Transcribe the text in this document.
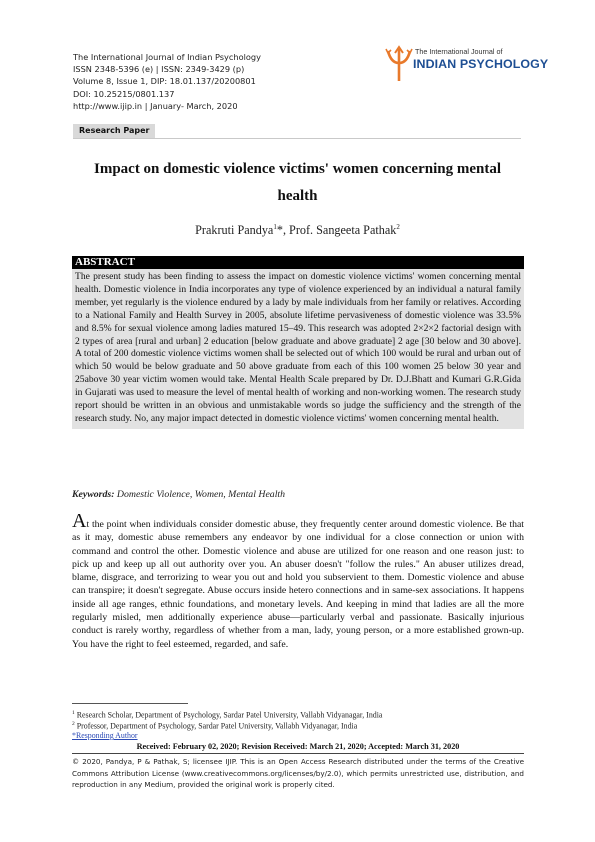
The International Journal of Indian Psychology
ISSN 2348-5396 (e) | ISSN: 2349-3429 (p)
Volume 8, Issue 1, DIP: 18.01.137/20200801
DOI: 10.25215/0801.137
http://www.ijip.in | January- March, 2020
The International Journal of
INDIAN PSYCHOLOGY
Research Paper
Impact on domestic violence victims' women concerning mental health
Prakruti Pandya$^1$*, Prof. Sangeeta Pathak$^2$
ABSTRACT
The present study has been finding to assess the impact on domestic violence victims' women concerning mental health. Domestic violence in India incorporates any type of violence experienced by an individual a natural family member, yet regularly is the violence endured by a lady by male individuals from her family or relatives. According to a National Family and Health Survey in 2005, absolute lifetime pervasiveness of domestic violence was 33.5% and 8.5% for sexual violence among ladies matured 15–49. This research was adopted 2×2×2 factorial design with 2 types of area [rural and urban] 2 education [below graduate and above graduate] 2 age [30 below and 30 above]. A total of 200 domestic violence victims women shall be selected out of which 100 would be rural and urban out of which 50 would be below graduate and 50 above graduate from each of this 100 women 25 below 30 year and 25above 30 year victim women would take. Mental Health Scale prepared by Dr. D.J.Bhatt and Kumari G.R.Gida in Gujarati was used to measure the level of mental health of working and non-working women. The research study report should be written in an obvious and unmistakable words so judge the sufficiency and the strength of the research study. No, any major impact detected in domestic violence victims' women concerning mental health.
Keywords: Domestic Violence, Women, Mental Health
At the point when individuals consider domestic abuse, they frequently center around domestic violence. Be that as it may, domestic abuse remembers any endeavor by one individual for a close connection or union with command and control the other. Domestic violence and abuse are utilized for one reason and one reason just: to pick up and keep up all out authority over you. An abuser doesn't "follow the rules." An abuser utilizes dread, blame, disgrace, and terrorizing to wear you out and hold you subservient to them. Domestic violence and abuse can transpire; it doesn't segregate. Abuse occurs inside hetero connections and in same-sex associations. It happens inside all age ranges, ethnic foundations, and monetary levels. And keeping in mind that ladies are all the more regularly misled, men additionally experience abuse—particularly verbal and passionate. Basically injurious conduct is rarely worthy, regardless of whether from a man, lady, young person, or a more established grown-up. You have the right to feel esteemed, regarded, and safe.
$^1$ Research Scholar, Department of Psychology, Sardar Patel University, Vallabh Vidyanagar, India
$^2$ Professor, Department of Psychology, Sardar Patel University, Vallabh Vidyanagar, India
*Responding Author
Received: February 02, 2020; Revision Received: March 21, 2020; Accepted: March 31, 2020
© 2020, Pandya, P & Pathak, S; licensee IJIP. This is an Open Access Research distributed under the terms of the Creative Commons Attribution License (www.creativecommons.org/licenses/by/2.0), which permits unrestricted use, distribution, and reproduction in any Medium, provided the original work is properly cited.
